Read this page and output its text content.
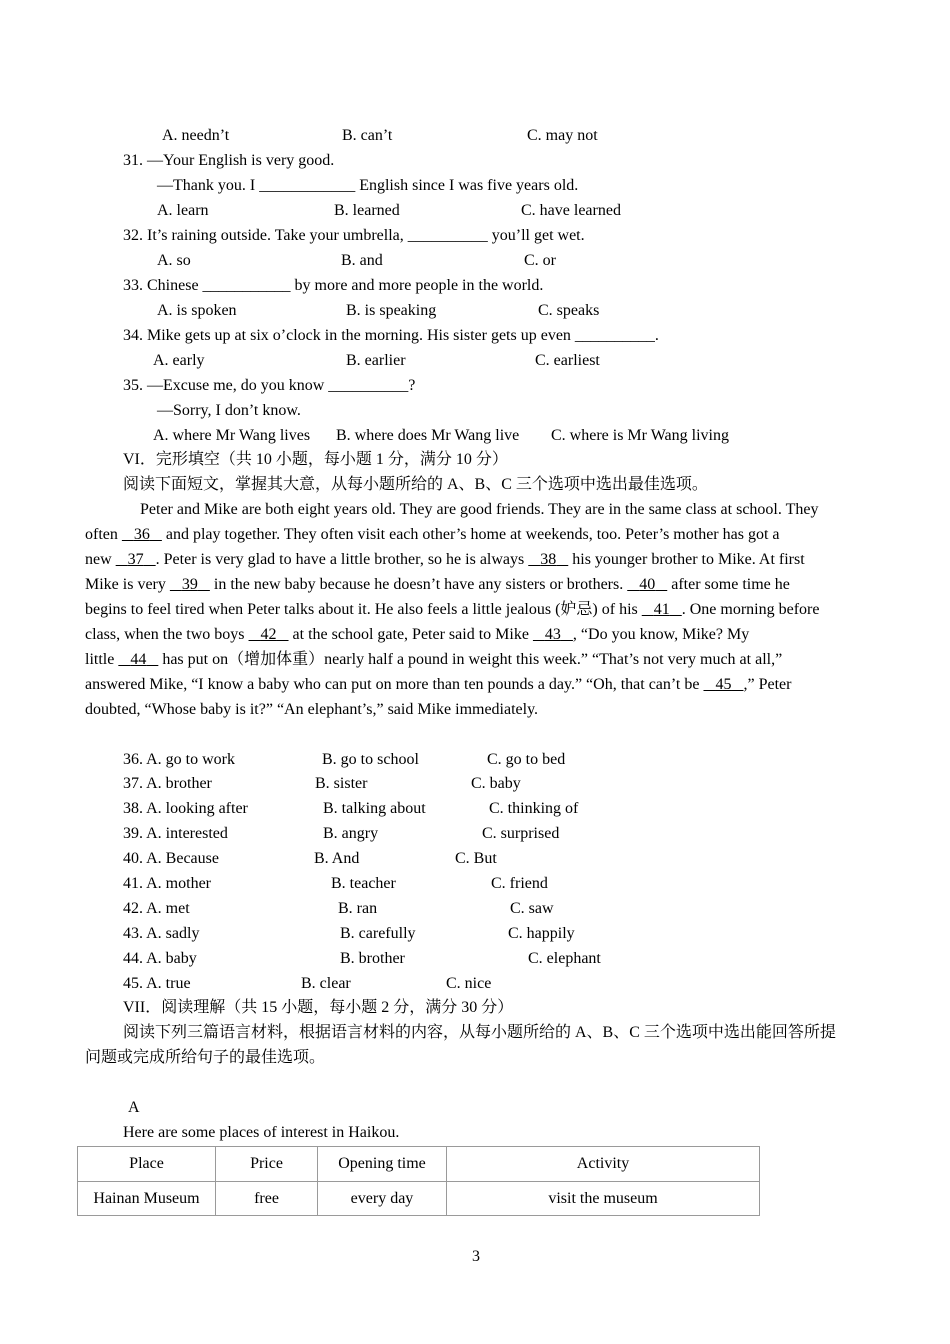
A. needn’t	B. can’t	C. may not
31. —Your English is very good.
—Thank you. I ____________ English since I was five years old.
A. learn	B. learned	C. have learned
32. It’s raining outside. Take your umbrella, __________ you’ll get wet.
A. so	B. and	C. or
33. Chinese ___________ by more and more people in the world.
A. is spoken	B. is speaking	C. speaks
34. Mike gets up at six o’clock in the morning. His sister gets up even __________.
A. early	B. earlier	C. earliest
35. —Excuse me, do you know __________?
—Sorry, I don’t know.
A. where Mr Wang lives B. where does Mr Wang live C. where is Mr Wang living
VI．完形填空（共 10 小题，每小题 1 分，满分 10 分）
阅读下面短文，掌握其大意，从每小题所给的 A、B、C 三个选项中选出最佳选项。
Peter and Mike are both eight years old. They are good friends. They are in the same class at school. They
often 36 and play together. They often visit each other’s home at weekends, too. Peter’s mother has got a
new 37 . Peter is very glad to have a little brother, so he is always 38 his younger brother to Mike. At first
Mike is very 39 in the new baby because he doesn’t have any sisters or brothers. 40 after some time he
begins to feel tired when Peter talks about it. He also feels a little jealous (妒忌) of his 41 . One morning before
class, when the two boys 42 at the school gate, Peter said to Mike 43 , “Do you know, Mike? My
little 44 has put on（增加体重）nearly half a pound in weight this week.” “That’s not very much at all,”
answered Mike, “I know a baby who can put on more than ten pounds a day.” “Oh, that can’t be 45 ,” Peter
doubted, “Whose baby is it?” “An elephant’s,” said Mike immediately.
36. A. go to work	B. go to school	C. go to bed
37. A. brother	B. sister	C. baby
38. A. looking after	B. talking about	C. thinking of
39. A. interested	B. angry	C. surprised
40. A. Because	B. And	C. But
41. A. mother	B. teacher	C. friend
42. A. met	B. ran	C. saw
43. A. sadly	B. carefully	C. happily
44. A. baby	B. brother	C. elephant
45. A. true	B. clear	C. nice
VII．阅读理解（共 15 小题，每小题 2 分，满分 30 分）
阅读下列三篇语言材料，根据语言材料的内容，从每小题所给的 A、B、C 三个选项中选出能回答所提
问题或完成所给句子的最佳选项。
A
Here are some places of interest in Haikou.
Place	Price	Opening time	Activity
Hainan Museum	free	every day	visit the museum
3
